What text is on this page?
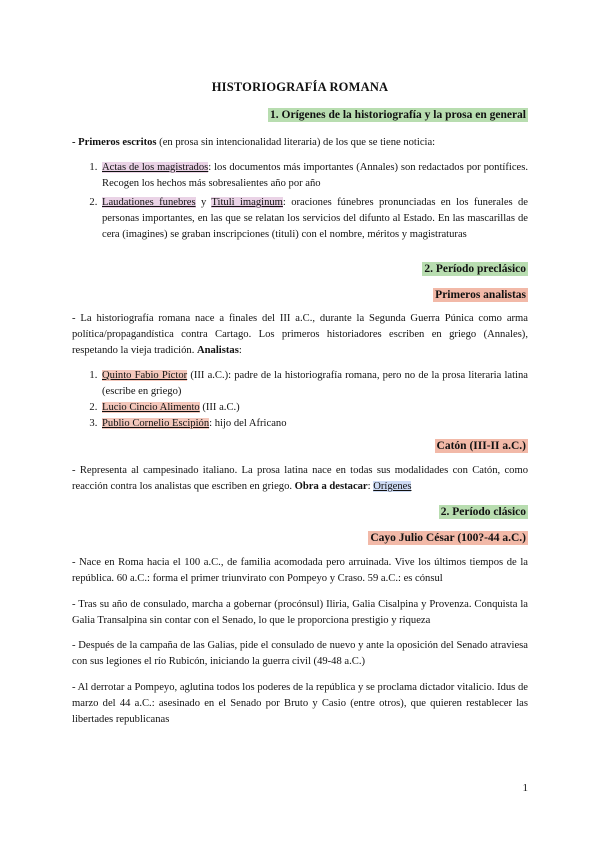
HISTORIOGRAFÍA ROMANA
1. Orígenes de la historiografía y la prosa en general
- Primeros escritos (en prosa sin intencionalidad literaria) de los que se tiene noticia:
1. Actas de los magistrados: los documentos más importantes (Annales) son redactados por pontífices. Recogen los hechos más sobresalientes año por año
2. Laudationes funebres y Tituli imaginum: oraciones fúnebres pronunciadas en los funerales de personas importantes, en las que se relatan los servicios del difunto al Estado. En las mascarillas de cera (imagines) se graban inscripciones (tituli) con el nombre, méritos y magistraturas
2. Período preclásico
Primeros analistas
- La historiografía romana nace a finales del III a.C., durante la Segunda Guerra Púnica como arma política/propagandística contra Cartago. Los primeros historiadores escriben en griego (Annales), respetando la vieja tradición. Analistas:
1. Quinto Fabio Píctor (III a.C.): padre de la historiografía romana, pero no de la prosa literaria latina (escribe en griego)
2. Lucio Cincio Alimento (III a.C.)
3. Publio Cornelio Escipión: hijo del Africano
Catón (III-II a.C.)
- Representa al campesinado italiano. La prosa latina nace en todas sus modalidades con Catón, como reacción contra los analistas que escriben en griego. Obra a destacar: Orígenes
2. Período clásico
Cayo Julio César (100?-44 a.C.)
- Nace en Roma hacia el 100 a.C., de familia acomodada pero arruinada. Vive los últimos tiempos de la república. 60 a.C.: forma el primer triunvirato con Pompeyo y Craso. 59 a.C.: es cónsul
- Tras su año de consulado, marcha a gobernar (procónsul) Iliria, Galia Cisalpina y Provenza. Conquista la Galia Transalpina sin contar con el Senado, lo que le proporciona prestigio y riqueza
- Después de la campaña de las Galias, pide el consulado de nuevo y ante la oposición del Senado atraviesa con sus legiones el río Rubicón, iniciando la guerra civil (49-48 a.C.)
- Al derrotar a Pompeyo, aglutina todos los poderes de la república y se proclama dictador vitalicio. Idus de marzo del 44 a.C.: asesinado en el Senado por Bruto y Casio (entre otros), que quieren restablecer las libertades republicanas
1
